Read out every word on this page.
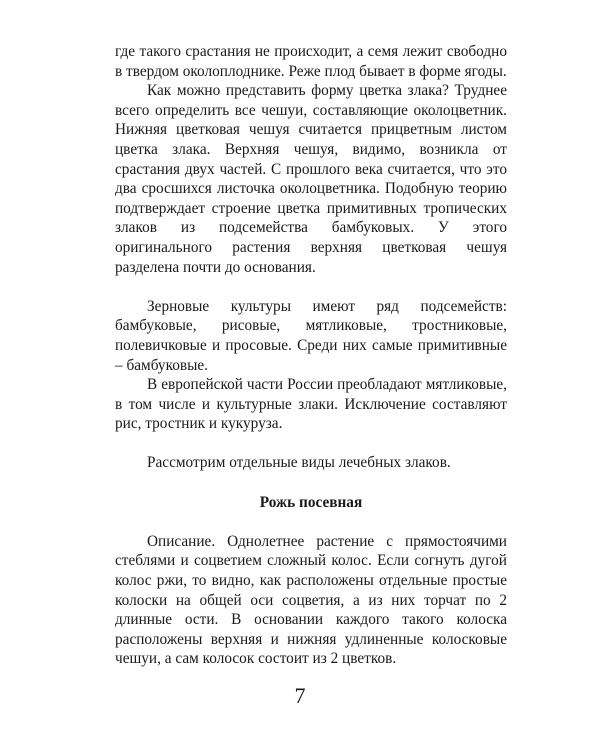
где такого срастания не происходит, а семя лежит свободно в твердом околоплоднике. Реже плод бывает в форме ягоды.

Как можно представить форму цветка злака? Труднее всего определить все чешуи, составляющие околоцветник. Нижняя цветковая чешуя считается прицветным листом цветка злака. Верхняя чешуя, видимо, возникла от срастания двух частей. С прошлого века считается, что это два сросшихся листочка околоцветника. Подобную теорию подтверждает строение цветка примитивных тропических злаков из подсемейства бамбуковых. У этого оригинального растения верхняя цветковая чешуя разделена почти до основания.

Зерновые культуры имеют ряд подсемейств: бамбуковые, рисовые, мятликовые, тростниковые, полевичковые и просовые. Среди них самые примитивные – бамбуковые.

В европейской части России преобладают мятликовые, в том числе и культурные злаки. Исключение составляют рис, тростник и кукуруза.

Рассмотрим отдельные виды лечебных злаков.

Рожь посевная

Описание. Однолетнее растение с прямостоячими стеблями и соцветием сложный колос. Если согнуть дугой колос ржи, то видно, как расположены отдельные простые колоски на общей оси соцветия, а из них торчат по 2 длинные ости. В основании каждого такого колоска расположены верхняя и нижняя удлиненные колосковые чешуи, а сам колосок состоит из 2 цветков.

7
